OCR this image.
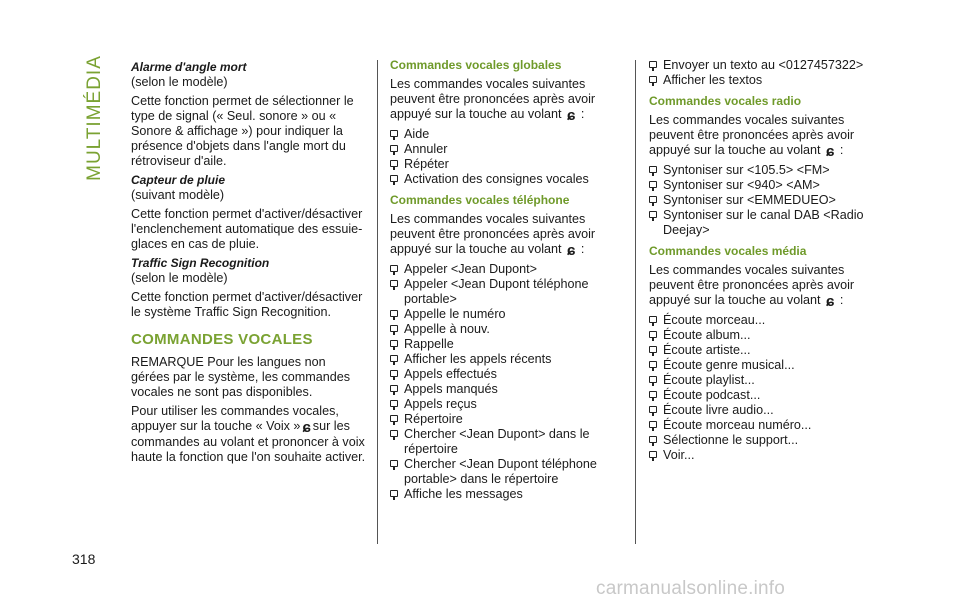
MULTIMÉDIA Alarme d'angle mort

(selon le modèle)

Cette fonction permet de sélectionner le type de signal (« Seul. sonore » ou « Sonore & affichage ») pour indiquer la présence d'objets dans l'angle mort du rétroviseur d'aile.

Capteur de pluie

(suivant modèle)

Cette fonction permet d'activer/désactiver l'enclenchement automatique des essuie-glaces en cas de pluie.

Traffic Sign Recognition

(selon le modèle)

Cette fonction permet d'activer/désactiver le système Traffic Sign Recognition.

COMMANDES VOCALES

REMARQUE Pour les langues non gérées par le système, les commandes vocales ne sont pas disponibles.

Pour utiliser les commandes vocales, appuyer sur la touche « Voix » ɕ sur les commandes au volant et prononcer à voix haute la fonction que l'on souhaite activer.

Commandes vocales globales

Les commandes vocales suivantes peuvent être prononcées après avoir appuyé sur la touche au volant ɕ :

Aide
Annuler
Répéter
Activation des consignes vocales
Commandes vocales téléphone

Les commandes vocales suivantes peuvent être prononcées après avoir appuyé sur la touche au volant ɕ :

Appeler <Jean Dupont>
Appeler <Jean Dupont téléphone portable>
Appelle le numéro
Appelle à nouv.
Rappelle
Afficher les appels récents
Appels effectués
Appels manqués
Appels reçus
Répertoire
Chercher <Jean Dupont> dans le répertoire
Chercher <Jean Dupont téléphone portable> dans le répertoire
Affiche les messages
Envoyer un texto au <0127457322>
Afficher les textos
Commandes vocales radio

Les commandes vocales suivantes peuvent être prononcées après avoir appuyé sur la touche au volant ɕ :

Syntoniser sur <105.5> <FM>
Syntoniser sur <940> <AM>
Syntoniser sur <EMMEDUEO>
Syntoniser sur le canal DAB <Radio Deejay>
Commandes vocales média

Les commandes vocales suivantes peuvent être prononcées après avoir appuyé sur la touche au volant ɕ :

Écoute morceau...
Écoute album...
Écoute artiste...
Écoute genre musical...
Écoute playlist...
Écoute podcast...
Écoute livre audio...
Écoute morceau numéro...
Sélectionne le support...
Voir...
318
carmanualsonline.info
